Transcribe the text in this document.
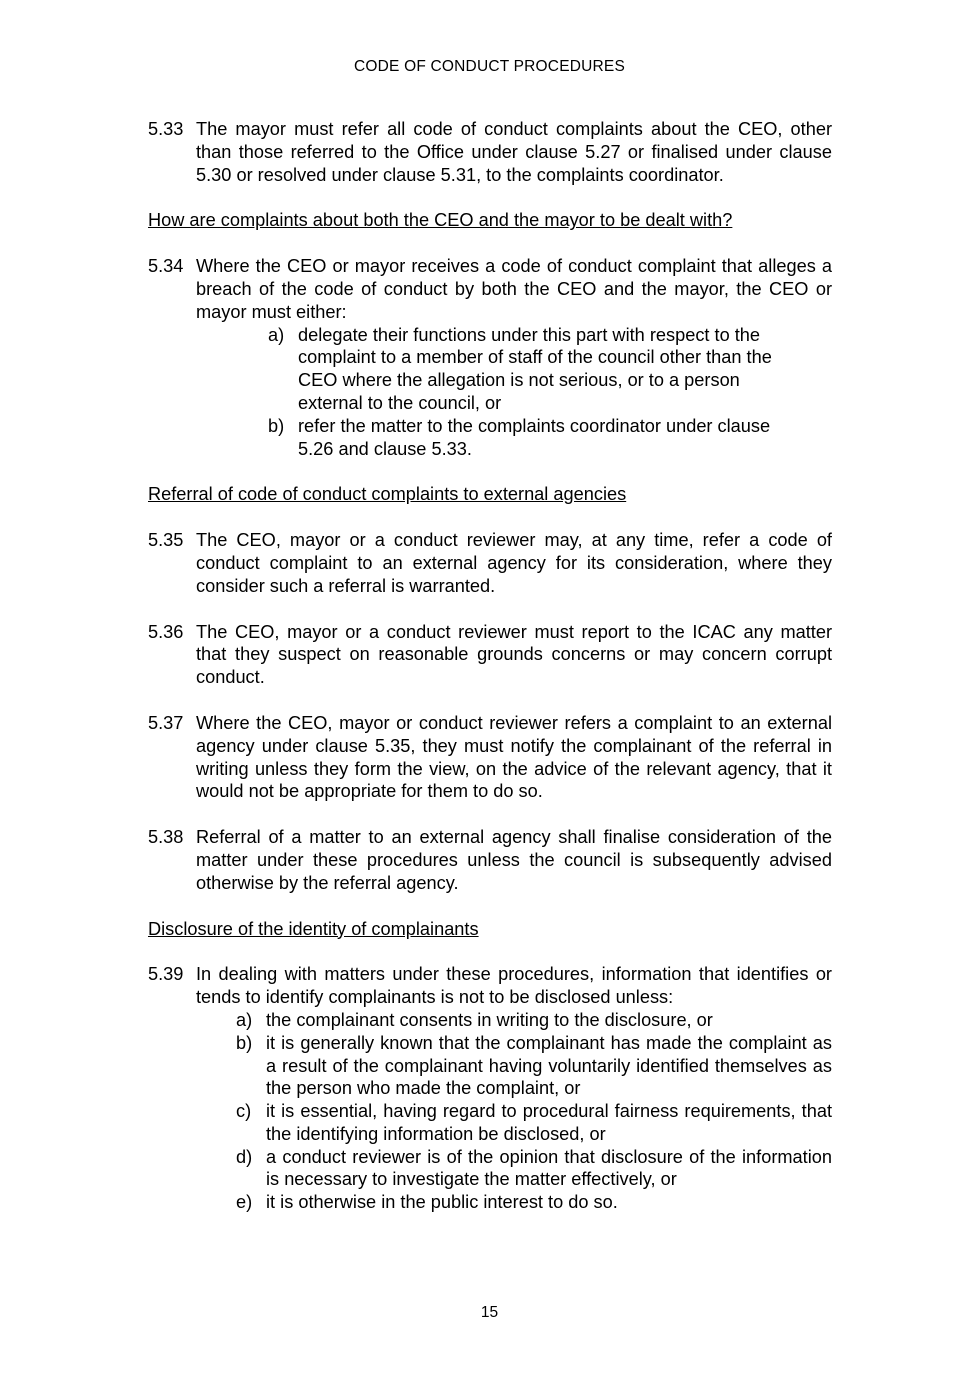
CODE OF CONDUCT PROCEDURES
5.33 The mayor must refer all code of conduct complaints about the CEO, other than those referred to the Office under clause 5.27 or finalised under clause 5.30 or resolved under clause 5.31, to the complaints coordinator.
How are complaints about both the CEO and the mayor to be dealt with?
5.34 Where the CEO or mayor receives a code of conduct complaint that alleges a breach of the code of conduct by both the CEO and the mayor, the CEO or mayor must either:
a) delegate their functions under this part with respect to the complaint to a member of staff of the council other than the CEO where the allegation is not serious, or to a person external to the council, or
b) refer the matter to the complaints coordinator under clause 5.26 and clause 5.33.
Referral of code of conduct complaints to external agencies
5.35 The CEO, mayor or a conduct reviewer may, at any time, refer a code of conduct complaint to an external agency for its consideration, where they consider such a referral is warranted.
5.36 The CEO, mayor or a conduct reviewer must report to the ICAC any matter that they suspect on reasonable grounds concerns or may concern corrupt conduct.
5.37 Where the CEO, mayor or conduct reviewer refers a complaint to an external agency under clause 5.35, they must notify the complainant of the referral in writing unless they form the view, on the advice of the relevant agency, that it would not be appropriate for them to do so.
5.38 Referral of a matter to an external agency shall finalise consideration of the matter under these procedures unless the council is subsequently advised otherwise by the referral agency.
Disclosure of the identity of complainants
5.39 In dealing with matters under these procedures, information that identifies or tends to identify complainants is not to be disclosed unless:
a) the complainant consents in writing to the disclosure, or
b) it is generally known that the complainant has made the complaint as a result of the complainant having voluntarily identified themselves as the person who made the complaint, or
c) it is essential, having regard to procedural fairness requirements, that the identifying information be disclosed, or
d) a conduct reviewer is of the opinion that disclosure of the information is necessary to investigate the matter effectively, or
e) it is otherwise in the public interest to do so.
15
